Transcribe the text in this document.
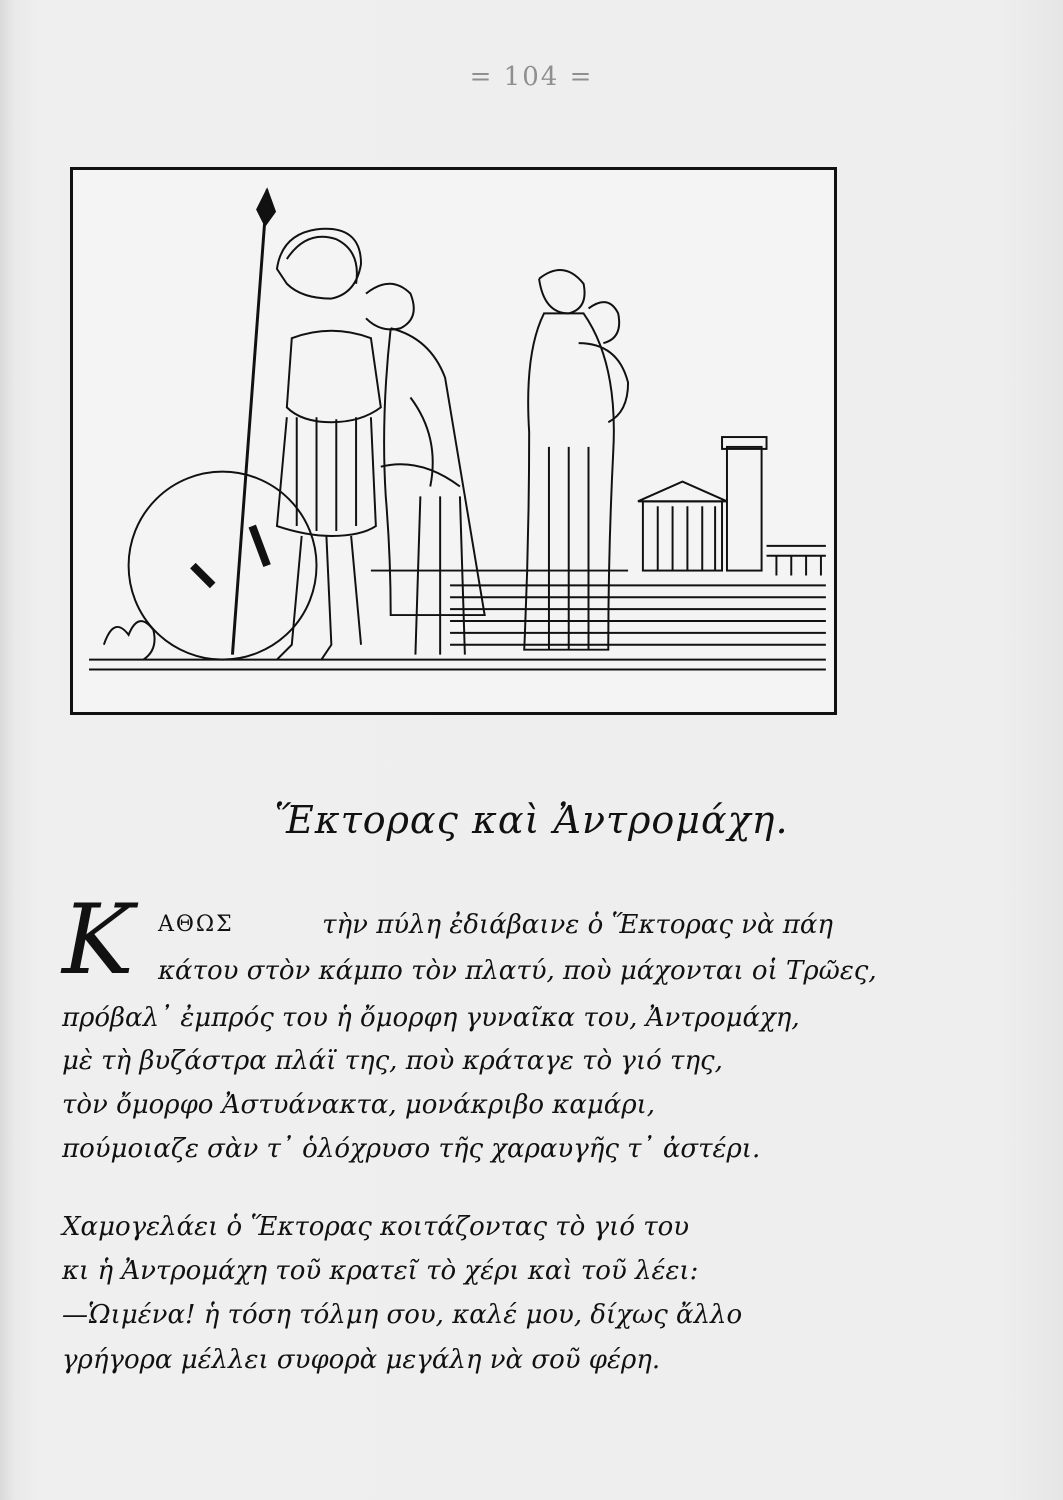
= 104 =
Ἕκτορας καὶ Ἀντρομάχη.
Κ ΑΘΩΣ	τὴν πύλη ἐδιάβαινε ὁ Ἕκτορας νὰ πάη
κάτου στὸν κάμπο τὸν πλατύ, ποὺ μάχονται οἱ Τρῶες,
πρόβαλ᾽ ἐμπρός του ἡ ὄμορφη γυναῖκα του, Ἀντρομάχη,
μὲ τὴ βυζάστρα πλάϊ της, ποὺ κράταγε τὸ γιό της,
τὸν ὄμορφο Ἀστυάνακτα, μονάκριβο καμάρι,
πούμοιαζε σὰν τ᾽ ὁλόχρυσο τῆς χαραυγῆς τ᾽ ἀστέρι.
Χαμογελάει ὁ Ἕκτορας κοιτάζοντας τὸ γιό του
κι ἡ Ἀντρομάχη τοῦ κρατεῖ τὸ χέρι καὶ τοῦ λέει:
—Ὡιμένα! ἡ τόση τόλμη σου, καλέ μου, δίχως ἄλλο
γρήγορα μέλλει συφορὰ μεγάλη νὰ σοῦ φέρη.
